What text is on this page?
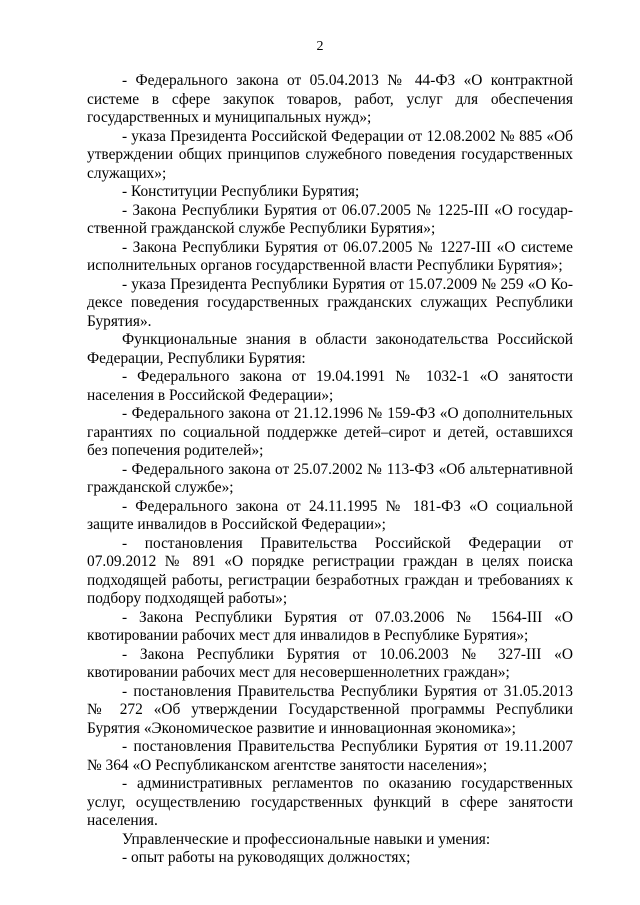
2

- Федерального закона от 05.04.2013 № 44-ФЗ «О контрактной системе в сфере закупок товаров, работ, услуг для обеспечения государственных и муниципальных нужд»;

- указа Президента Российской Федерации от 12.08.2002 № 885 «Об утверждении общих принципов служебного поведения государственных служащих»;

- Конституции Республики Бурятия;

- Закона Республики Бурятия от 06.07.2005 № 1225-III «О государственной гражданской службе Республики Бурятия»;

- Закона Республики Бурятия от 06.07.2005 № 1227-III «О системе исполнительных органов государственной власти Республики Бурятия»;

- указа Президента Республики Бурятия от 15.07.2009 № 259 «О Кодексе поведения государственных гражданских служащих Республики Бурятия».

Функциональные знания в области законодательства Российской Федерации, Республики Бурятия:

- Федерального закона от 19.04.1991 № 1032-1 «О занятости населения в Российской Федерации»;

- Федерального закона от 21.12.1996 № 159-ФЗ «О дополнительных гарантиях по социальной поддержке детей–сирот и детей, оставшихся без попечения родителей»;

- Федерального закона от 25.07.2002 № 113-ФЗ «Об альтернативной гражданской службе»;

- Федерального закона от 24.11.1995 № 181-ФЗ «О социальной защите инвалидов в Российской Федерации»;

- постановления Правительства Российской Федерации от 07.09.2012 № 891 «О порядке регистрации граждан в целях поиска подходящей работы, регистрации безработных граждан и требованиях к подбору подходящей работы»;

- Закона Республики Бурятия от 07.03.2006 № 1564-III «О квотировании рабочих мест для инвалидов в Республике Бурятия»;

- Закона Республики Бурятия от 10.06.2003 № 327-III «О квотировании рабочих мест для несовершеннолетних граждан»;

- постановления Правительства Республики Бурятия от 31.05.2013 № 272 «Об утверждении Государственной программы Республики Бурятия «Экономическое развитие и инновационная экономика»;

- постановления Правительства Республики Бурятия от 19.11.2007 № 364 «О Республиканском агентстве занятости населения»;

- административных регламентов по оказанию государственных услуг, осуществлению государственных функций в сфере занятости населения.

Управленческие и профессиональные навыки и умения:

- опыт работы на руководящих должностях;
